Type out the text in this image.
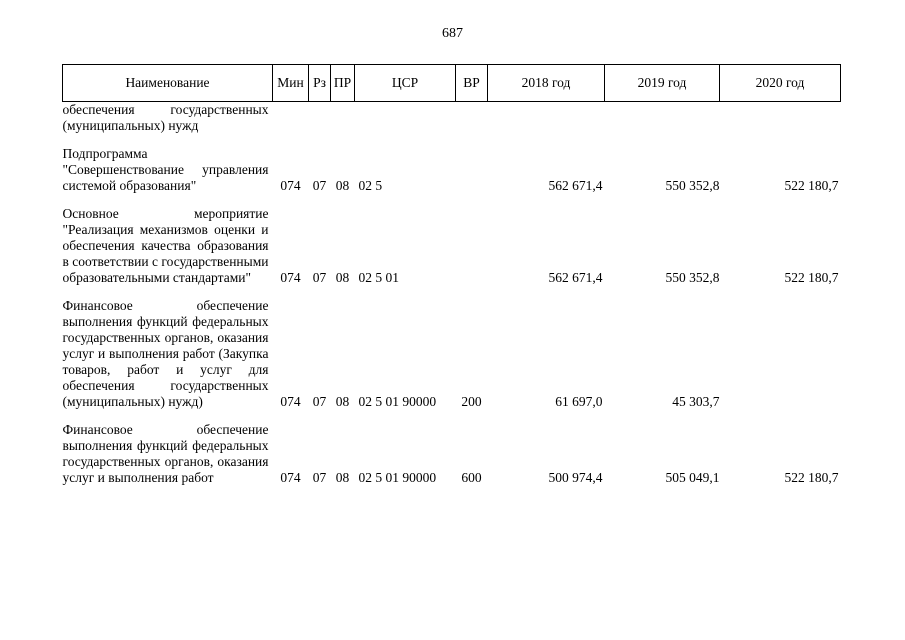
687
Наименование	Мин	Рз	ПР	ЦСР	ВР	2018 год	2019 год	2020 год
обеспечения государственных (муниципальных) нужд								
Подпрограмма "Совершенствование управления системой образования"	074	07	08	02 5		562 671,4	550 352,8	522 180,7
Основное мероприятие "Реализация механизмов оценки и обеспечения качества образования в соответствии с государственными образовательными стандартами"	074	07	08	02 5 01		562 671,4	550 352,8	522 180,7
Финансовое обеспечение выполнения функций федеральных государственных органов, оказания услуг и выполнения работ (Закупка товаров, работ и услуг для обеспечения государственных (муниципальных) нужд)	074	07	08	02 5 01 90000	200	61 697,0	45 303,7	
Финансовое обеспечение выполнения функций федеральных государственных органов, оказания услуг и выполнения работ	074	07	08	02 5 01 90000	600	500 974,4	505 049,1	522 180,7
